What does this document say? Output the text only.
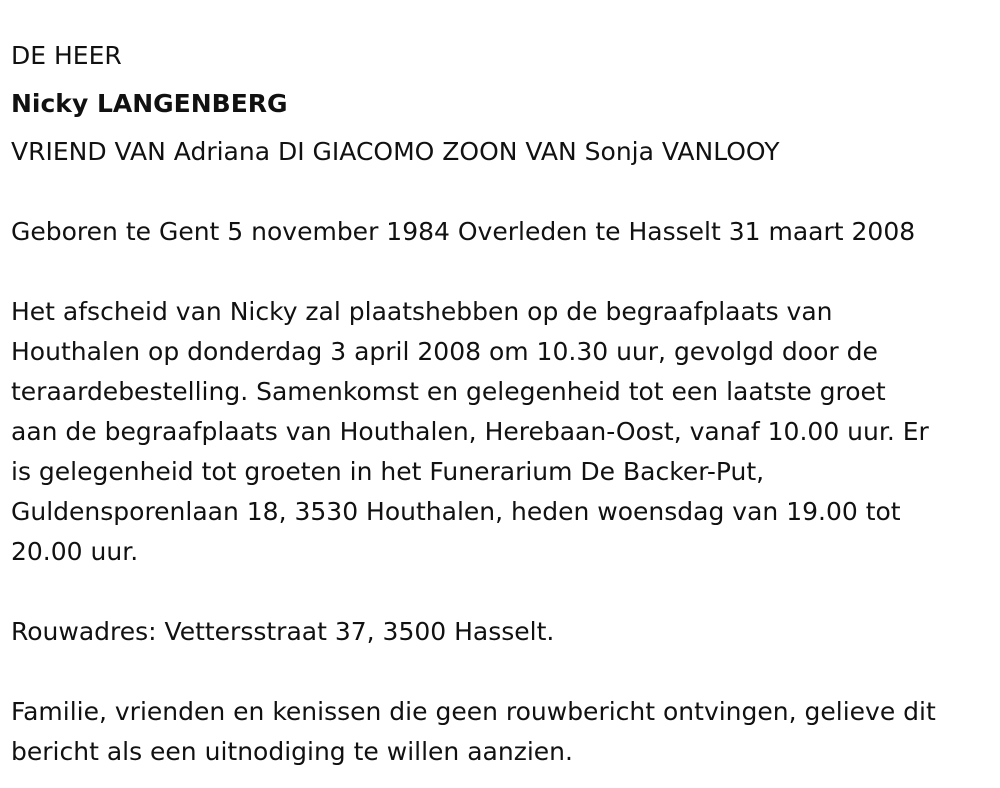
DE HEER
Nicky LANGENBERG
VRIEND VAN Adriana DI GIACOMO ZOON VAN Sonja VANLOOY
Geboren te Gent 5 november 1984 Overleden te Hasselt 31 maart 2008
Het afscheid van Nicky zal plaatshebben op de begraafplaats van
Houthalen op donderdag 3 april 2008 om 10.30 uur, gevolgd door de
teraardebestelling. Samenkomst en gelegenheid tot een laatste groet
aan de begraafplaats van Houthalen, Herebaan-Oost, vanaf 10.00 uur. Er
is gelegenheid tot groeten in het Funerarium De Backer-Put,
Guldensporenlaan 18, 3530 Houthalen, heden woensdag van 19.00 tot
20.00 uur.
Rouwadres: Vettersstraat 37, 3500 Hasselt.
Familie, vrienden en kenissen die geen rouwbericht ontvingen, gelieve dit
bericht als een uitnodiging te willen aanzien.
